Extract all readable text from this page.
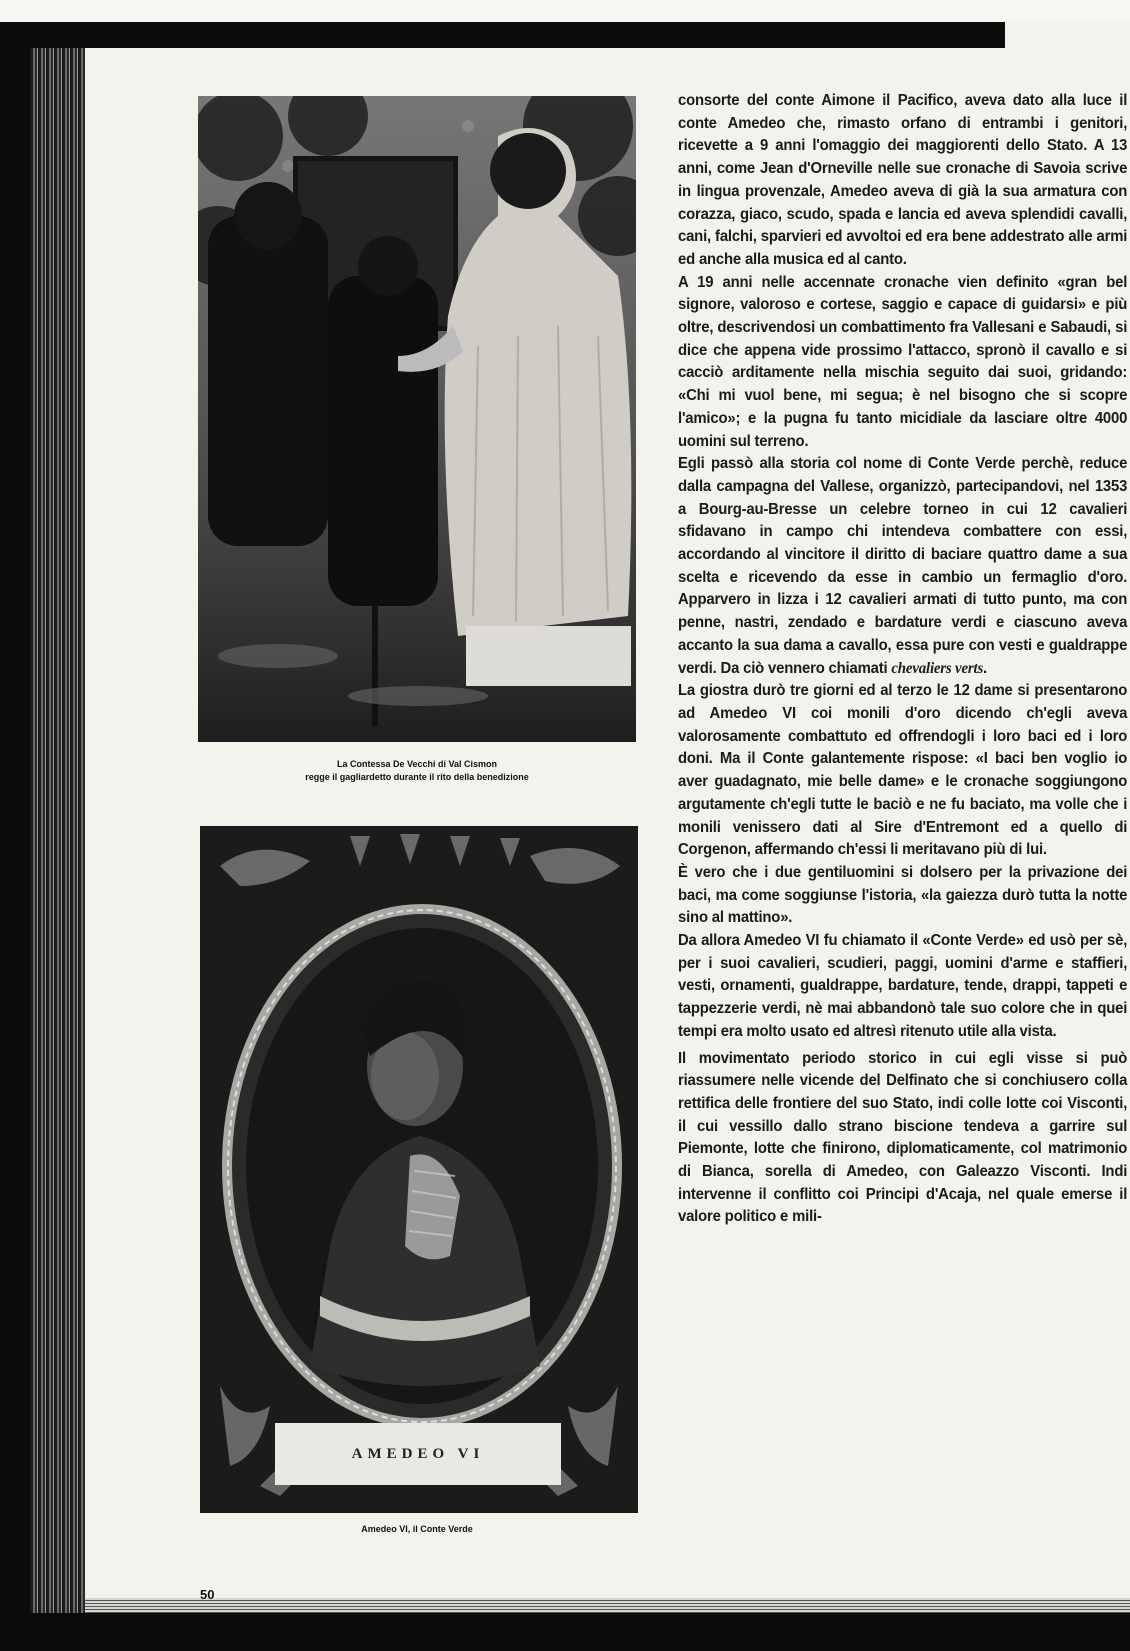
La Contessa De Vecchi di Val Cismon
regge il gagliardetto durante il rito della benedizione
AMEDEO VI
Amedeo VI, il Conte Verde
50

consorte del conte Aimone il Pacifico, aveva dato alla luce il conte Amedeo che, rimasto orfano di entrambi i genitori, ricevette a 9 anni l'omaggio dei maggiorenti dello Stato. A 13 anni, come Jean d'Orneville nelle sue cronache di Savoia scrive in lingua provenzale, Amedeo aveva di già la sua armatura con corazza, giaco, scudo, spada e lancia ed aveva splendidi cavalli, cani, falchi, sparvieri ed avvoltoi ed era bene addestrato alle armi ed anche alla musica ed al canto.

A 19 anni nelle accennate cronache vien definito «gran bel signore, valoroso e cortese, saggio e capace di guidarsi» e più oltre, descrivendosi un combattimento fra Vallesani e Sabaudi, si dice che appena vide prossimo l'attacco, spronò il cavallo e si cacciò arditamente nella mischia seguito dai suoi, gridando: «Chi mi vuol bene, mi segua; è nel bisogno che si scopre l'amico»; e la pugna fu tanto micidiale da lasciare oltre 4000 uomini sul terreno.

Egli passò alla storia col nome di Conte Verde perchè, reduce dalla campagna del Vallese, organizzò, partecipandovi, nel 1353 a Bourg-au-Bresse un celebre torneo in cui 12 cavalieri sfidavano in campo chi intendeva combattere con essi, accordando al vincitore il diritto di baciare quattro dame a sua scelta e ricevendo da esse in cambio un fermaglio d'oro. Apparvero in lizza i 12 cavalieri armati di tutto punto, ma con penne, nastri, zendado e bardature verdi e ciascuno aveva accanto la sua dama a cavallo, essa pure con vesti e gualdrappe verdi. Da ciò vennero chiamati chevaliers verts.

La giostra durò tre giorni ed al terzo le 12 dame si presentarono ad Amedeo VI coi monili d'oro dicendo ch'egli aveva valorosamente combattuto ed offrendogli i loro baci ed i loro doni. Ma il Conte galantemente rispose: «I baci ben voglio io aver guadagnato, mie belle dame» e le cronache soggiungono argutamente ch'egli tutte le baciò e ne fu baciato, ma volle che i monili venissero dati al Sire d'Entremont ed a quello di Corgenon, affermando ch'essi li meritavano più di lui.

È vero che i due gentiluomini si dolsero per la privazione dei baci, ma come soggiunse l'istoria, «la gaiezza durò tutta la notte sino al mattino».

Da allora Amedeo VI fu chiamato il «Conte Verde» ed usò per sè, per i suoi cavalieri, scudieri, paggi, uomini d'arme e staffieri, vesti, ornamenti, gualdrappe, bardature, tende, drappi, tappeti e tappezzerie verdi, nè mai abbandonò tale suo colore che in quei tempi era molto usato ed altresì ritenuto utile alla vista.

Il movimentato periodo storico in cui egli visse si può riassumere nelle vicende del Delfinato che si conchiusero colla rettifica delle frontiere del suo Stato, indi colle lotte coi Visconti, il cui vessillo dallo strano biscione tendeva a garrire sul Piemonte, lotte che finirono, diplomaticamente, col matrimonio di Bianca, sorella di Amedeo, con Galeazzo Visconti. Indi intervenne il conflitto coi Principi d'Acaja, nel quale emerse il valore politico e mili-
